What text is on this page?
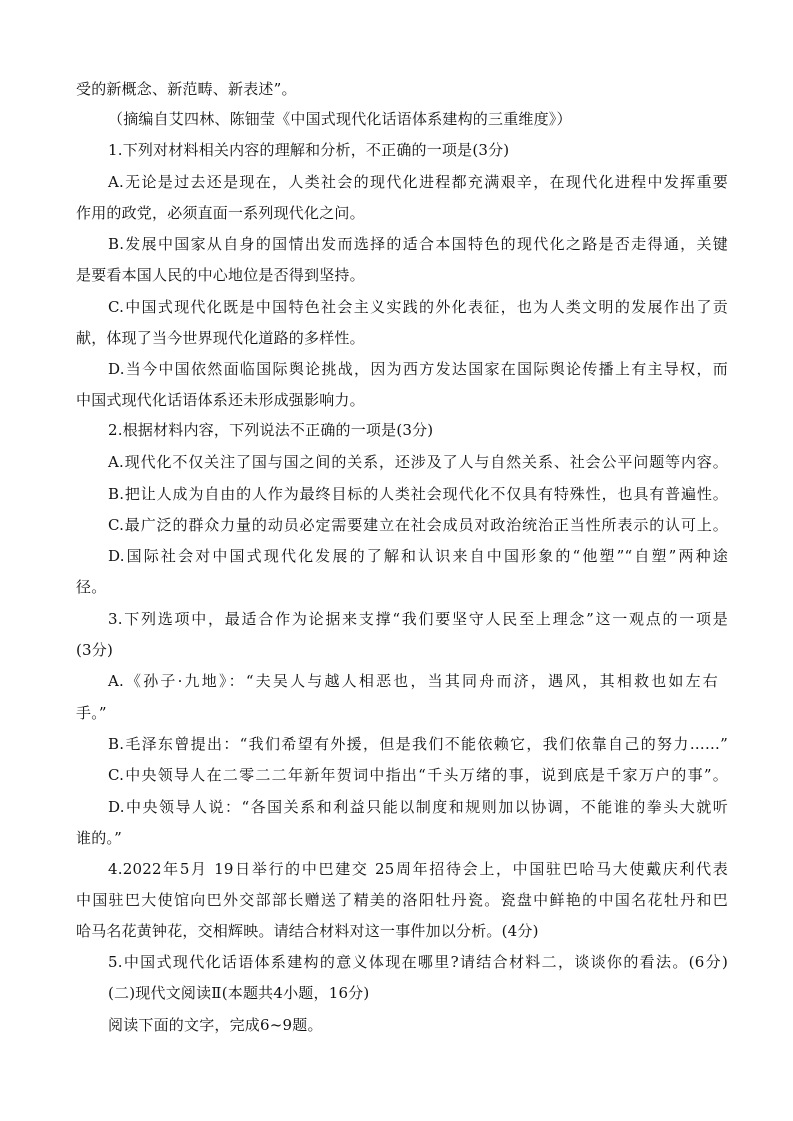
受的新概念、新范畴、新表述”。
（摘编自艾四林、陈钿莹《中国式现代化话语体系建构的三重维度》）
1.下列对材料相关内容的理解和分析，不正确的一项是(3分)
A.无论是过去还是现在，人类社会的现代化进程都充满艰辛，在现代化进程中发挥重要
作用的政党，必须直面一系列现代化之问。
B.发展中国家从自身的国情出发而选择的适合本国特色的现代化之路是否走得通，关键
是要看本国人民的中心地位是否得到坚持。
C.中国式现代化既是中国特色社会主义实践的外化表征，也为人类文明的发展作出了贡
献，体现了当今世界现代化道路的多样性。
D.当今中国依然面临国际舆论挑战，因为西方发达国家在国际舆论传播上有主导权，而
中国式现代化话语体系还未形成强影响力。
2.根据材料内容，下列说法不正确的一项是(3分)
A.现代化不仅关注了国与国之间的关系，还涉及了人与自然关系、社会公平问题等内容。
B.把让人成为自由的人作为最终目标的人类社会现代化不仅具有特殊性，也具有普遍性。
C.最广泛的群众力量的动员必定需要建立在社会成员对政治统治正当性所表示的认可上。
D.国际社会对中国式现代化发展的了解和认识来自中国形象的“他塑”“自塑”两种途
径。
3.下列选项中，最适合作为论据来支撑“我们要坚守人民至上理念”这一观点的一项是
(3分)
A.《孙子·九地》：“夫吴人与越人相恶也，当其同舟而济，遇风，其相救也如左右
手。”
B.毛泽东曾提出：“我们希望有外援，但是我们不能依赖它，我们依靠自己的努力……”
C.中央领导人在二零二二年新年贺词中指出“千头万绪的事，说到底是千家万户的事”。
D.中央领导人说：“各国关系和利益只能以制度和规则加以协调，不能谁的拳头大就听
谁的。”
4.2022年5月 19日举行的中巴建交 25周年招待会上，中国驻巴哈马大使戴庆利代表
中国驻巴大使馆向巴外交部部长赠送了精美的洛阳牡丹瓷。瓷盘中鲜艳的中国名花牡丹和巴
哈马名花黄钟花，交相辉映。请结合材料对这一事件加以分析。(4分)
5.中国式现代化话语体系建构的意义体现在哪里?请结合材料二，谈谈你的看法。(6分)
(二)现代文阅读Ⅱ(本题共4小题，16分)
阅读下面的文字，完成6~9题。
